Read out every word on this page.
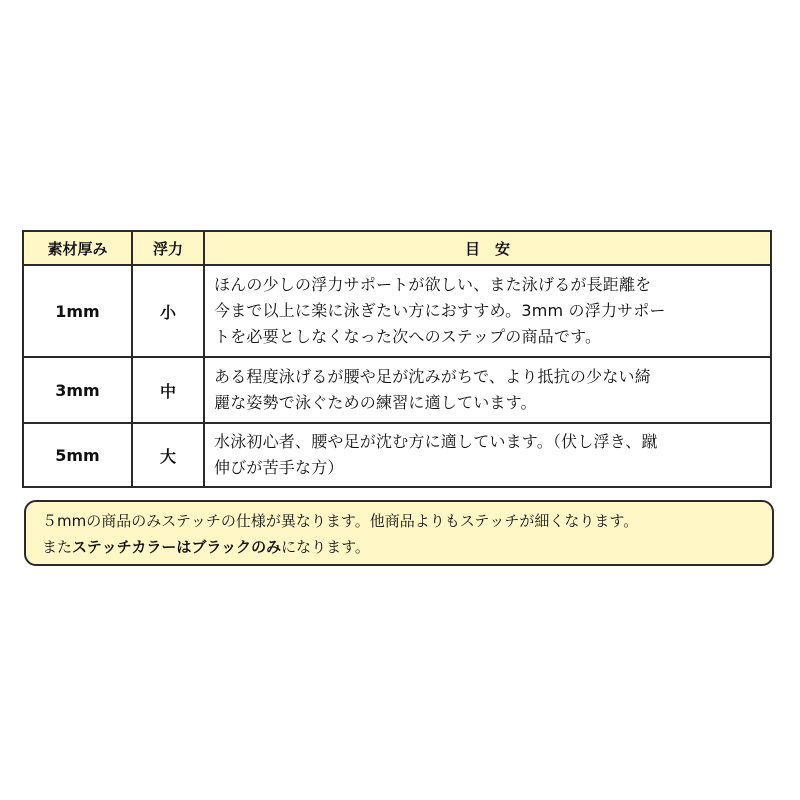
素材厚み	浮力	目　安
1mm	小	ほんの少しの浮力サポートが欲しい、また泳げるが長距離を
今まで以上に楽に泳ぎたい方におすすめ。3mm の浮力サポー
トを必要としなくなった次へのステップの商品です。

3mm	中	ある程度泳げるが腰や足が沈みがちで、より抵抗の少ない綺
麗な姿勢で泳ぐための練習に適しています。

5mm	大	水泳初心者、腰や足が沈む方に適しています。（伏し浮き、蹴
伸びが苦手な方）
５mmの商品のみステッチの仕様が異なります。他商品よりもステッチが細くなります。
またステッチカラーはブラックのみになります。
